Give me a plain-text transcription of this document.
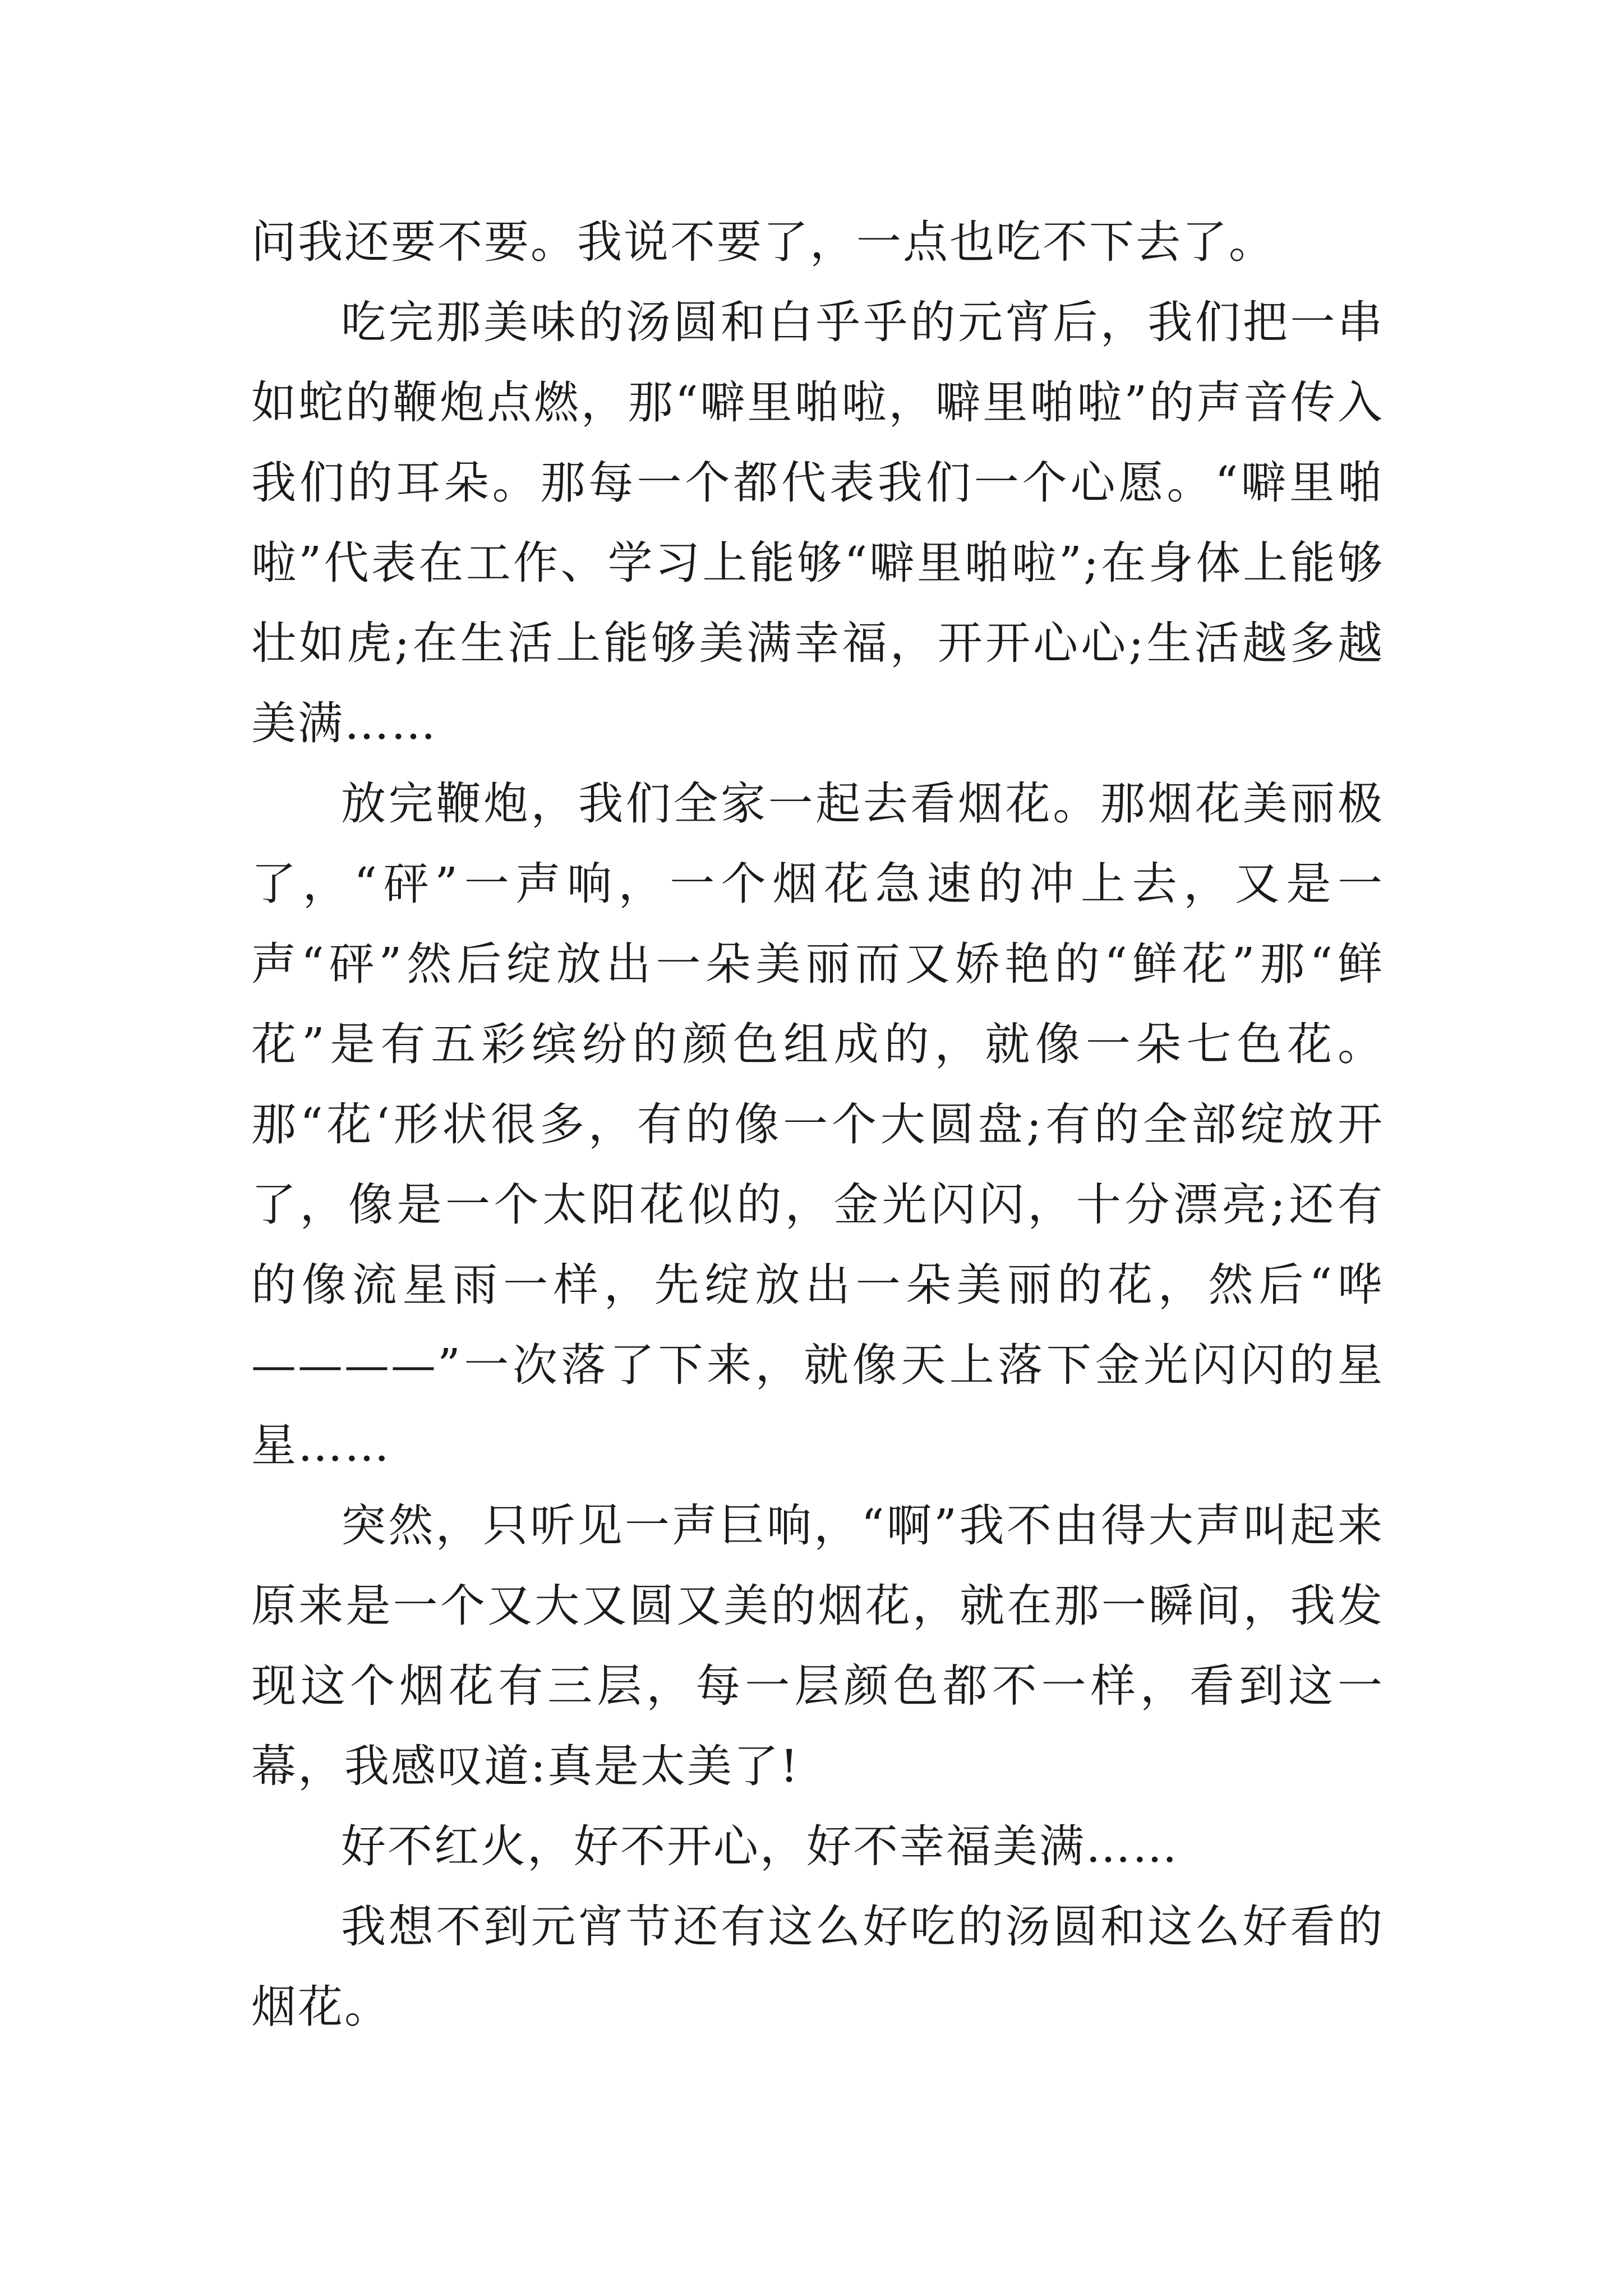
问我还要不要。我说不要了，一点也吃不下去了。

吃完那美味的汤圆和白乎乎的元宵后，我们把一串如蛇的鞭炮点燃，那“噼里啪啦，噼里啪啦”的声音传入我们的耳朵。那每一个都代表我们一个心愿。“噼里啪啦”代表在工作、学习上能够“噼里啪啦”;在身体上能够壮如虎;在生活上能够美满幸福，开开心心;生活越多越美满……

放完鞭炮，我们全家一起去看烟花。那烟花美丽极了，“砰”一声响，一个烟花急速的冲上去，又是一声“砰”然后绽放出一朵美丽而又娇艳的“鲜花”那“鲜花”是有五彩缤纷的颜色组成的，就像一朵七色花。那“花‘形状很多，有的像一个大圆盘;有的全部绽放开了，像是一个太阳花似的，金光闪闪，十分漂亮;还有的像流星雨一样，先绽放出一朵美丽的花，然后“哗————”一次落了下来，就像天上落下金光闪闪的星星……

突然，只听见一声巨响，“啊”我不由得大声叫起来原来是一个又大又圆又美的烟花，就在那一瞬间，我发现这个烟花有三层，每一层颜色都不一样，看到这一幕，我感叹道:真是太美了!

好不红火，好不开心，好不幸福美满……

我想不到元宵节还有这么好吃的汤圆和这么好看的烟花。
